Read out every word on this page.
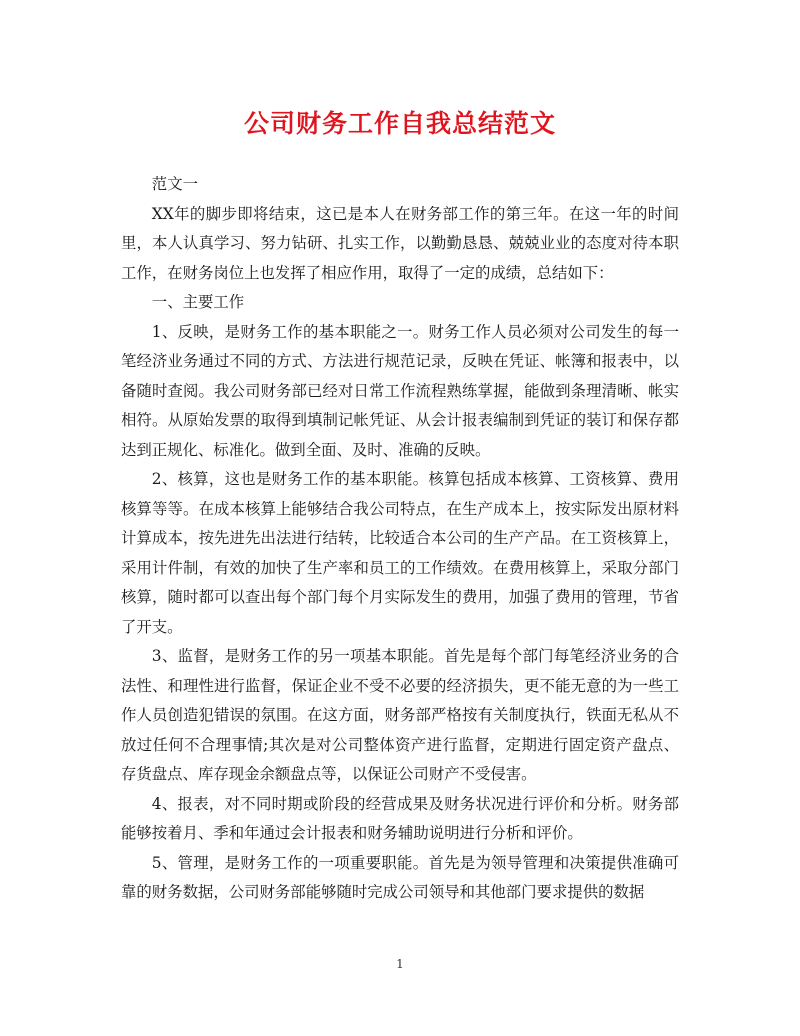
公司财务工作自我总结范文

范文一

XX年的脚步即将结束，这已是本人在财务部工作的第三年。在这一年的时间里，本人认真学习、努力钻研、扎实工作，以勤勤恳恳、兢兢业业的态度对待本职工作，在财务岗位上也发挥了相应作用，取得了一定的成绩，总结如下：

一、主要工作

1、反映，是财务工作的基本职能之一。财务工作人员必须对公司发生的每一笔经济业务通过不同的方式、方法进行规范记录，反映在凭证、帐簿和报表中，以备随时查阅。我公司财务部已经对日常工作流程熟练掌握，能做到条理清晰、帐实相符。从原始发票的取得到填制记帐凭证、从会计报表编制到凭证的装订和保存都达到正规化、标准化。做到全面、及时、准确的反映。

2、核算，这也是财务工作的基本职能。核算包括成本核算、工资核算、费用核算等等。在成本核算上能够结合我公司特点，在生产成本上，按实际发出原材料计算成本，按先进先出法进行结转，比较适合本公司的生产产品。在工资核算上，采用计件制，有效的加快了生产率和员工的工作绩效。在费用核算上，采取分部门核算，随时都可以查出每个部门每个月实际发生的费用，加强了费用的管理，节省了开支。

3、监督，是财务工作的另一项基本职能。首先是每个部门每笔经济业务的合法性、和理性进行监督，保证企业不受不必要的经济损失，更不能无意的为一些工作人员创造犯错误的氛围。在这方面，财务部严格按有关制度执行，铁面无私从不放过任何不合理事情;其次是对公司整体资产进行监督，定期进行固定资产盘点、存货盘点、库存现金余额盘点等，以保证公司财产不受侵害。

4、报表，对不同时期或阶段的经营成果及财务状况进行评价和分析。财务部能够按着月、季和年通过会计报表和财务辅助说明进行分析和评价。

5、管理，是财务工作的一项重要职能。首先是为领导管理和决策提供准确可靠的财务数据，公司财务部能够随时完成公司领导和其他部门要求提供的数据

1
